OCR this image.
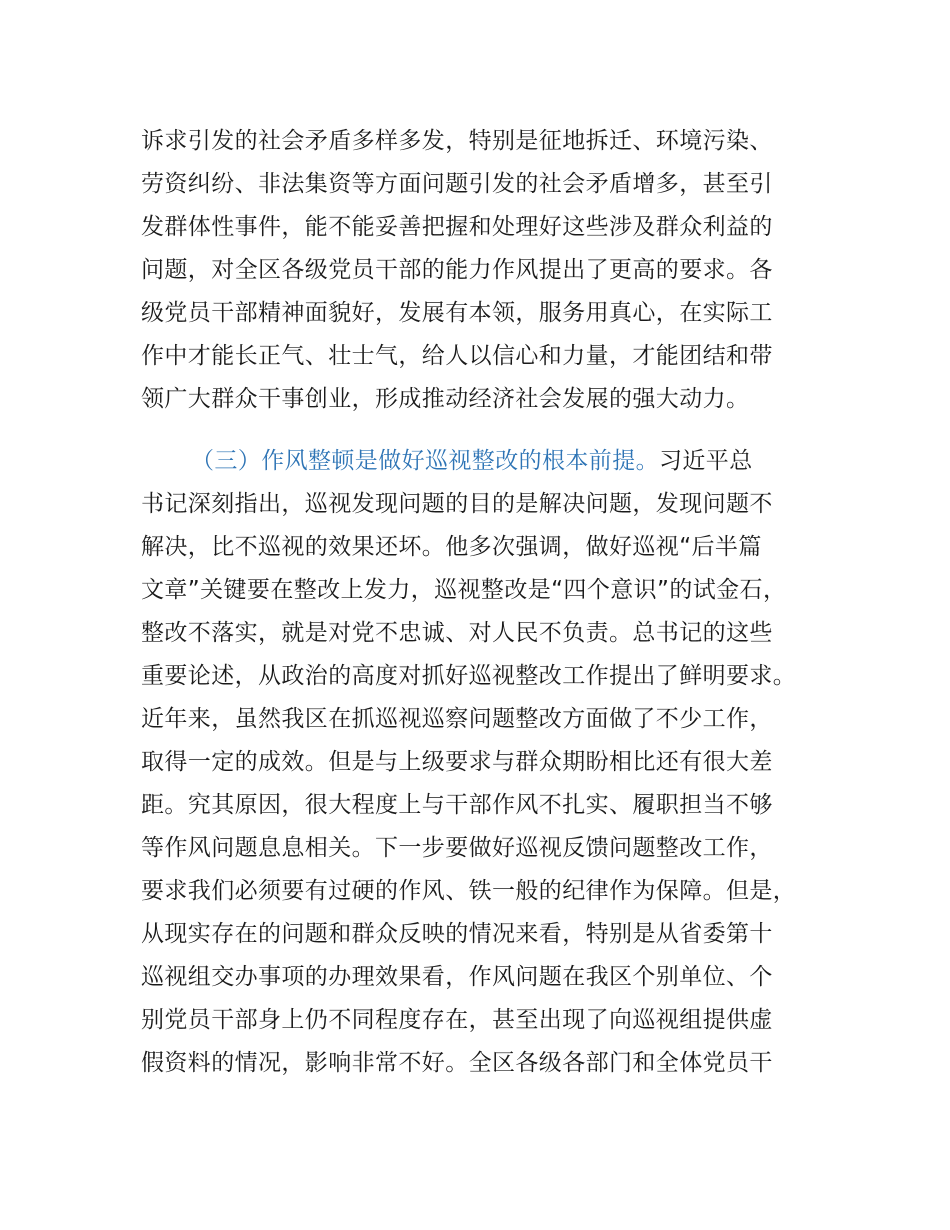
诉求引发的社会矛盾多样多发，特别是征地拆迁、环境污染、
劳资纠纷、非法集资等方面问题引发的社会矛盾增多，甚至引
发群体性事件，能不能妥善把握和处理好这些涉及群众利益的
问题，对全区各级党员干部的能力作风提出了更高的要求。各
级党员干部精神面貌好，发展有本领，服务用真心，在实际工
作中才能长正气、壮士气，给人以信心和力量，才能团结和带
领广大群众干事创业，形成推动经济社会发展的强大动力。
（三）作风整顿是做好巡视整改的根本前提。习近平总
书记深刻指出，巡视发现问题的目的是解决问题，发现问题不
解决，比不巡视的效果还坏。他多次强调，做好巡视“后半篇
文章”关键要在整改上发力，巡视整改是“四个意识”的试金石，
整改不落实，就是对党不忠诚、对人民不负责。总书记的这些
重要论述，从政治的高度对抓好巡视整改工作提出了鲜明要求。
近年来，虽然我区在抓巡视巡察问题整改方面做了不少工作，
取得一定的成效。但是与上级要求与群众期盼相比还有很大差
距。究其原因，很大程度上与干部作风不扎实、履职担当不够
等作风问题息息相关。下一步要做好巡视反馈问题整改工作，
要求我们必须要有过硬的作风、铁一般的纪律作为保障。但是，
从现实存在的问题和群众反映的情况来看，特别是从省委第十
巡视组交办事项的办理效果看，作风问题在我区个别单位、个
别党员干部身上仍不同程度存在，甚至出现了向巡视组提供虚
假资料的情况，影响非常不好。全区各级各部门和全体党员干
